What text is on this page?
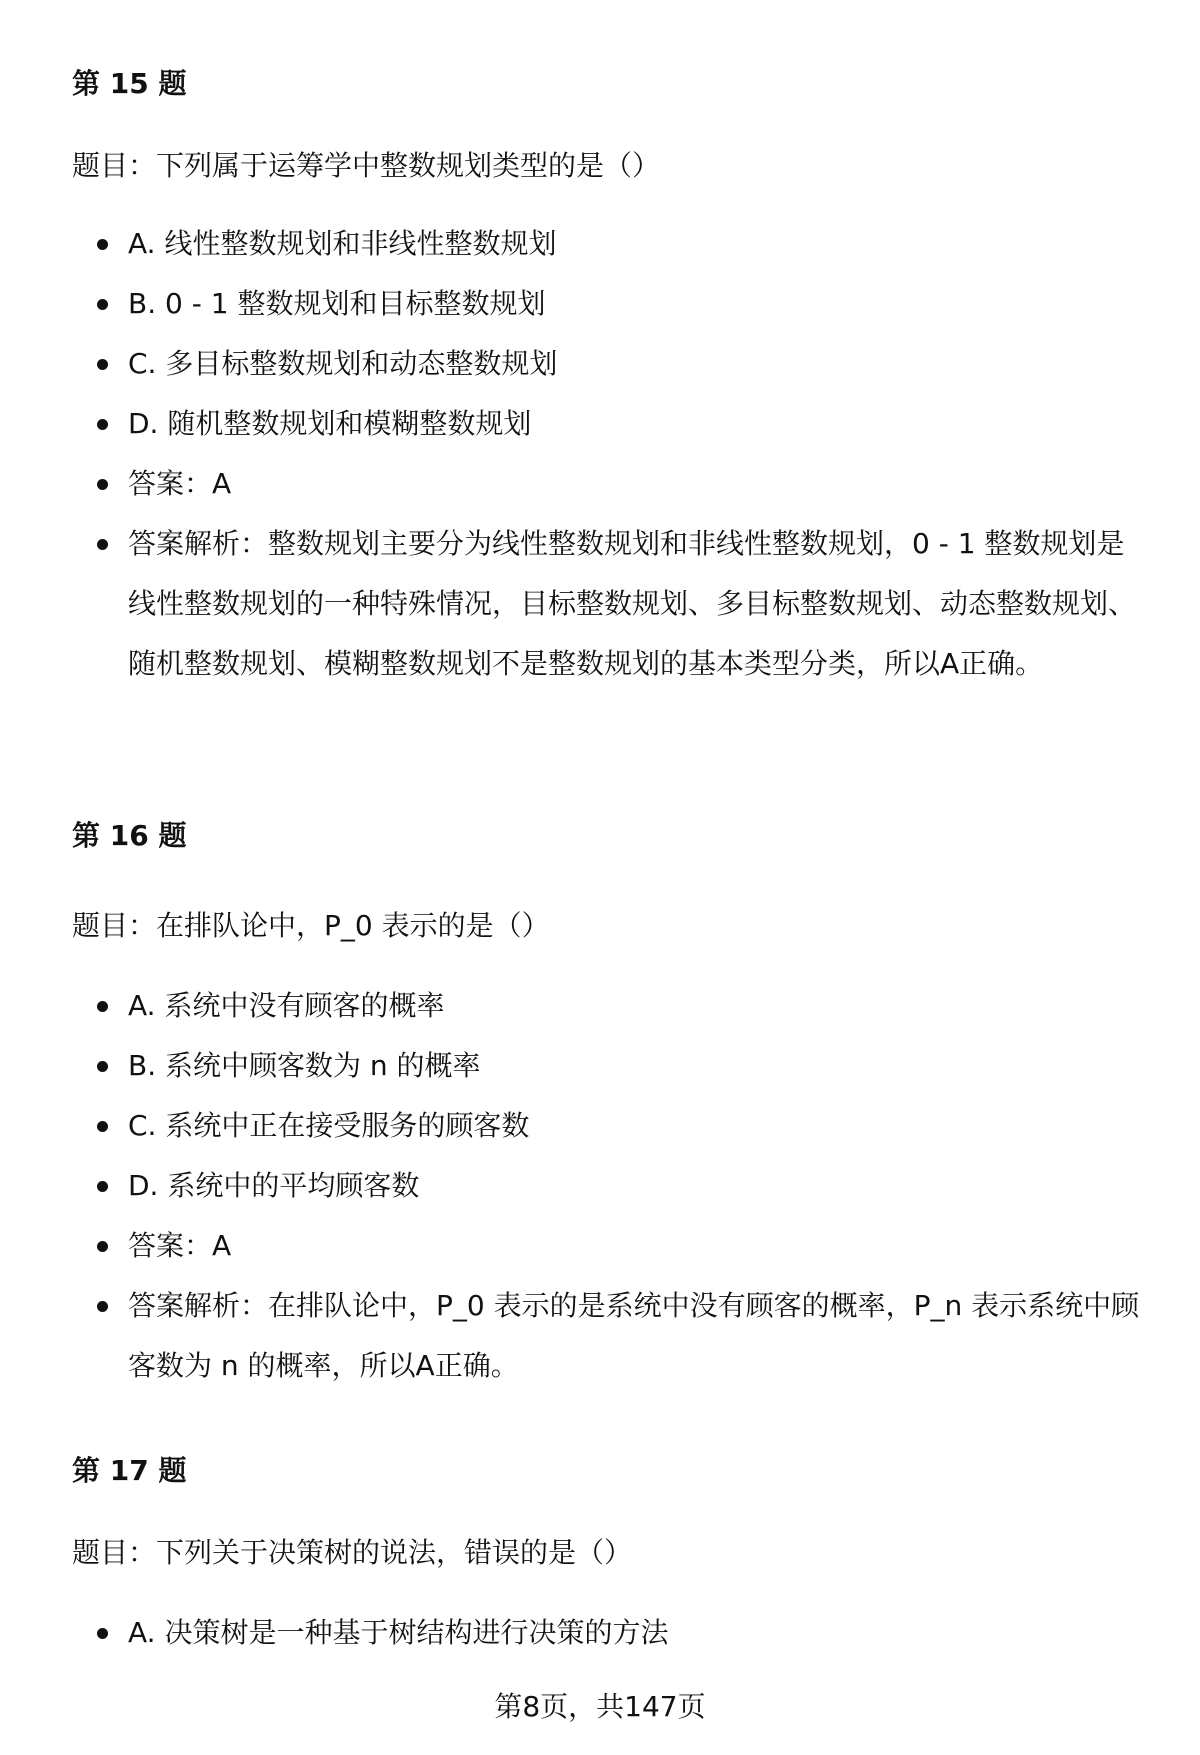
第 15 题

题目：下列属于运筹学中整数规划类型的是（）

A. 线性整数规划和非线性整数规划
B. 0 - 1 整数规划和目标整数规划
C. 多目标整数规划和动态整数规划
D. 随机整数规划和模糊整数规划
答案：A
答案解析：整数规划主要分为线性整数规划和非线性整数规划，0 - 1 整数规划是线性整数规划的一种特殊情况，目标整数规划、多目标整数规划、动态整数规划、随机整数规划、模糊整数规划不是整数规划的基本类型分类，所以A正确。
第 16 题

题目：在排队论中，P_0 表示的是（）

A. 系统中没有顾客的概率
B. 系统中顾客数为 n 的概率
C. 系统中正在接受服务的顾客数
D. 系统中的平均顾客数
答案：A
答案解析：在排队论中，P_0 表示的是系统中没有顾客的概率，P_n 表示系统中顾客数为 n 的概率，所以A正确。
第 17 题

题目：下列关于决策树的说法，错误的是（）

A. 决策树是一种基于树结构进行决策的方法
第8页，共147页
